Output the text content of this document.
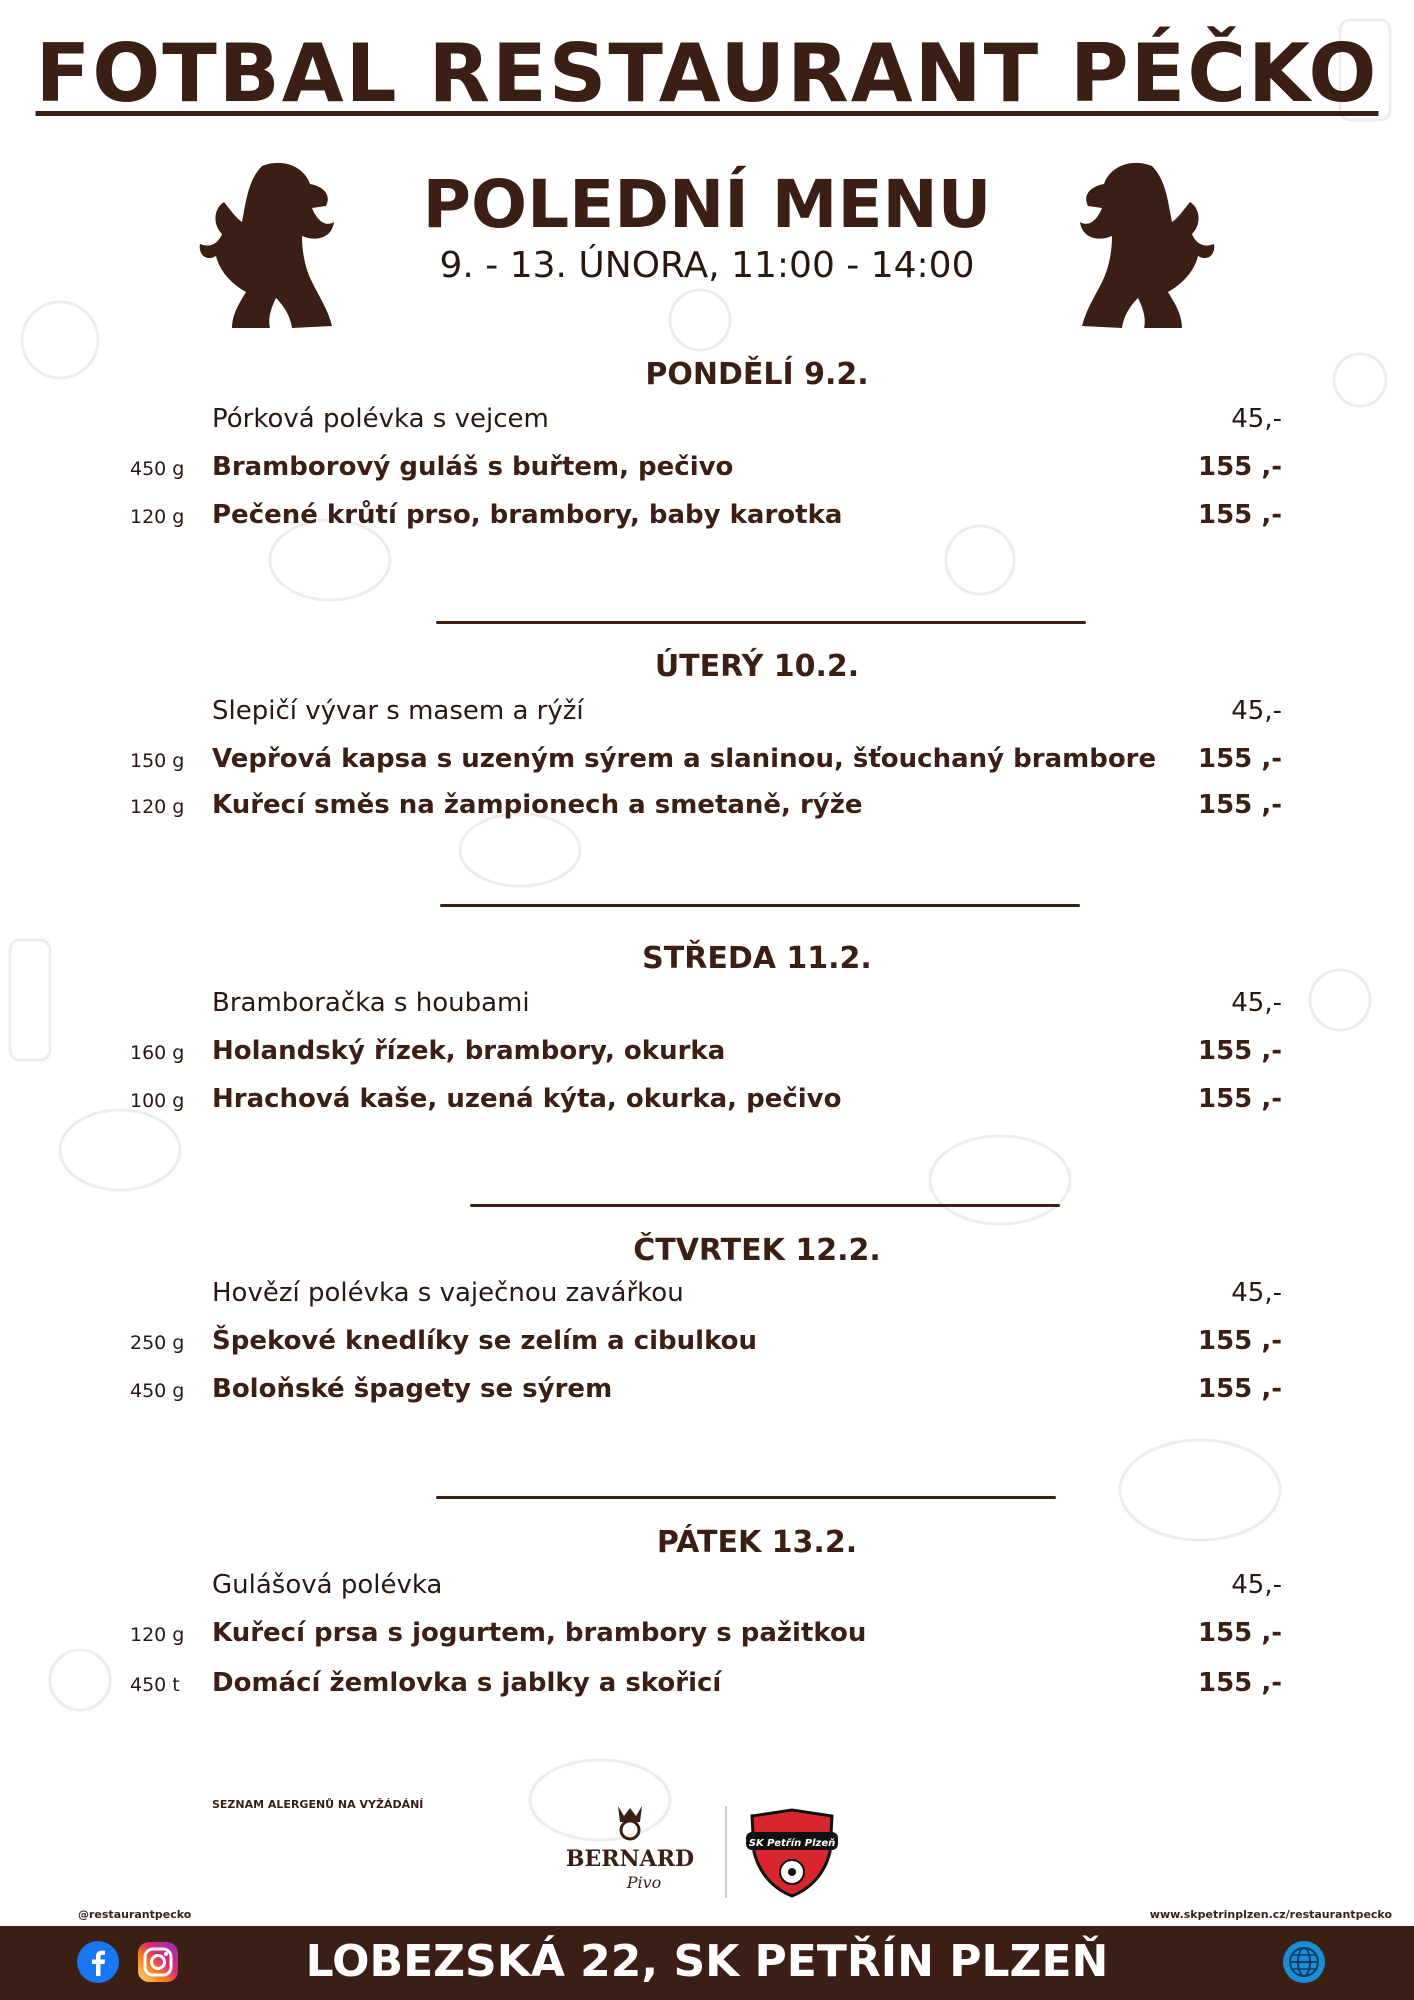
FOTBAL RESTAURANT PÉČKO
POLEDNÍ MENU
9. - 13. ÚNORA, 11:00 - 14:00
PONDĚLÍ 9.2.
Pórková polévka s vejcem	45,-
450 g Bramborový guláš s buřtem, pečivo	155 ,-
120 g Pečené krůtí prso, brambory, baby karotka	155 ,-
ÚTERÝ 10.2.
Slepičí vývar s masem a rýží	45,-
150 g Vepřová kapsa s uzeným sýrem a slaninou, šťouchaný brambore 155 ,-
120 g Kuřecí směs na žampionech a smetaně, rýže	155 ,-
STŘEDA 11.2.
Bramboračka s houbami	45,-
160 g Holandský řízek, brambory, okurka	155 ,-
100 g Hrachová kaše, uzená kýta, okurka, pečivo	155 ,-
ČTVRTEK 12.2.
Hovězí polévka s vaječnou zavářkou	45,-
250 g Špekové knedlíky se zelím a cibulkou	155 ,-
450 g Boloňské špagety se sýrem	155 ,-
PÁTEK 13.2.
Gulášová polévka	45,-
120 g Kuřecí prsa s jogurtem, brambory s pažitkou	155 ,-
450 t Domácí žemlovka s jablky a skořicí	155 ,-
SEZNAM ALERGENŮ NA VYŽÁDÁNÍ
BERNARD
Pivo
SK Petřín Plzeň
@restaurantpecko	www.skpetrinplzen.cz/restaurantpecko
LOBEZSKÁ 22, SK PETŘÍN PLZEŇ
